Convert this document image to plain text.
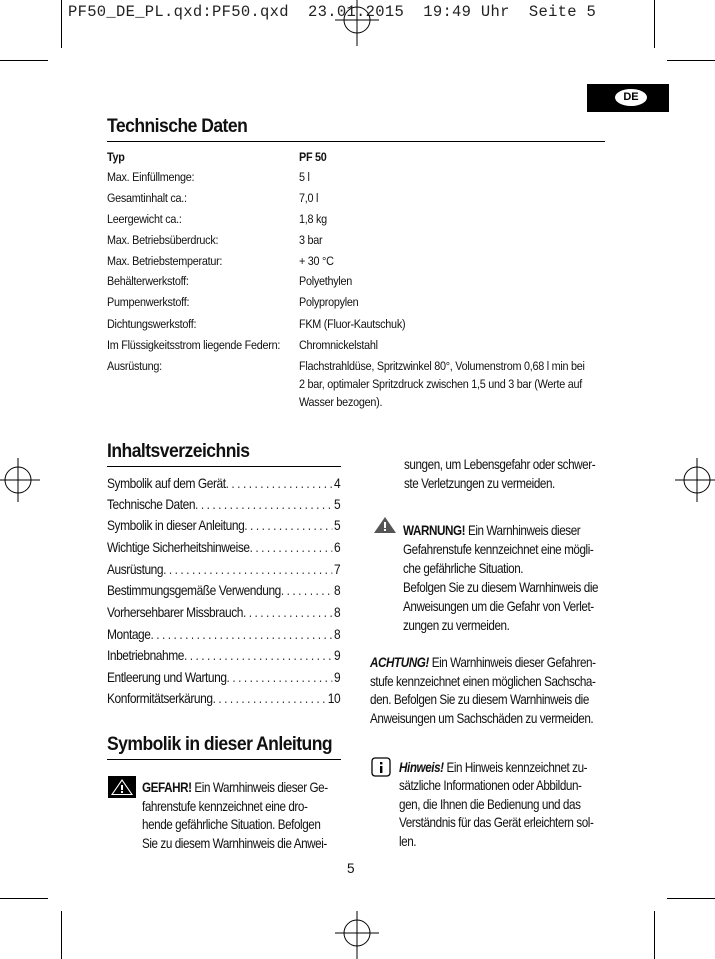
PF50_DE_PL.qxd:PF50.qxd  23.01.2015  19:49 Uhr  Seite 5
DE
Technische Daten
Typ	PF 50
Max. Einfüllmenge:	5 l
Gesamtinhalt ca.:	7,0 l
Leergewicht ca.:	1,8 kg
Max. Betriebsüberdruck:	3 bar
Max. Betriebstemperatur:	+ 30 °C
Behälterwerkstoff:	Polyethylen
Pumpenwerkstoff:	Polypropylen
Dichtungswerkstoff:	FKM (Fluor-Kautschuk)
Im Flüssigkeitsstrom liegende Federn: Chromnickelstahl
Ausrüstung:	Flachstrahldüse, Spritzwinkel 80°, Volumenstrom 0,68 l min bei
2 bar, optimaler Spritzdruck zwischen 1,5 und 3 bar (Werte auf
Wasser bezogen).
Inhaltsverzeichnis
Symbolik auf dem Gerät . . .	4
Technische Daten . . .	5
Symbolik in dieser Anleitung . . .	5
Wichtige Sicherheitshinweise . . .	6
Ausrüstung . . .	7
Bestimmungsgemäße Verwendung . . .	8
Vorhersehbarer Missbrauch . . .	8
Montage . . .	8
Inbetriebnahme . . .	9
Entleerung und Wartung . . .	9
Konformitätserkärung . . .	10
Symbolik in dieser Anleitung
GEFAHR! Ein Warnhinweis dieser Ge-
fahrenstufe kennzeichnet eine dro-
hende gefährliche Situation. Befolgen
Sie zu diesem Warnhinweis die Anwei-
sungen, um Lebensgefahr oder schwer-
ste Verletzungen zu vermeiden.
WARNUNG! Ein Warnhinweis dieser
Gefahrenstufe kennzeichnet eine mögli-
che gefährliche Situation.
Befolgen Sie zu diesem Warnhinweis die
Anweisungen um die Gefahr von Verlet-
zungen zu vermeiden.
ACHTUNG! Ein Warnhinweis dieser Gefahren-
stufe kennzeichnet einen möglichen Sachscha-
den. Befolgen Sie zu diesem Warnhinweis die
Anweisungen um Sachschäden zu vermeiden.
Hinweis! Ein Hinweis kennzeichnet zu-
sätzliche Informationen oder Abbildun-
gen, die Ihnen die Bedienung und das
Verständnis für das Gerät erleichtern sol-
len.
5
